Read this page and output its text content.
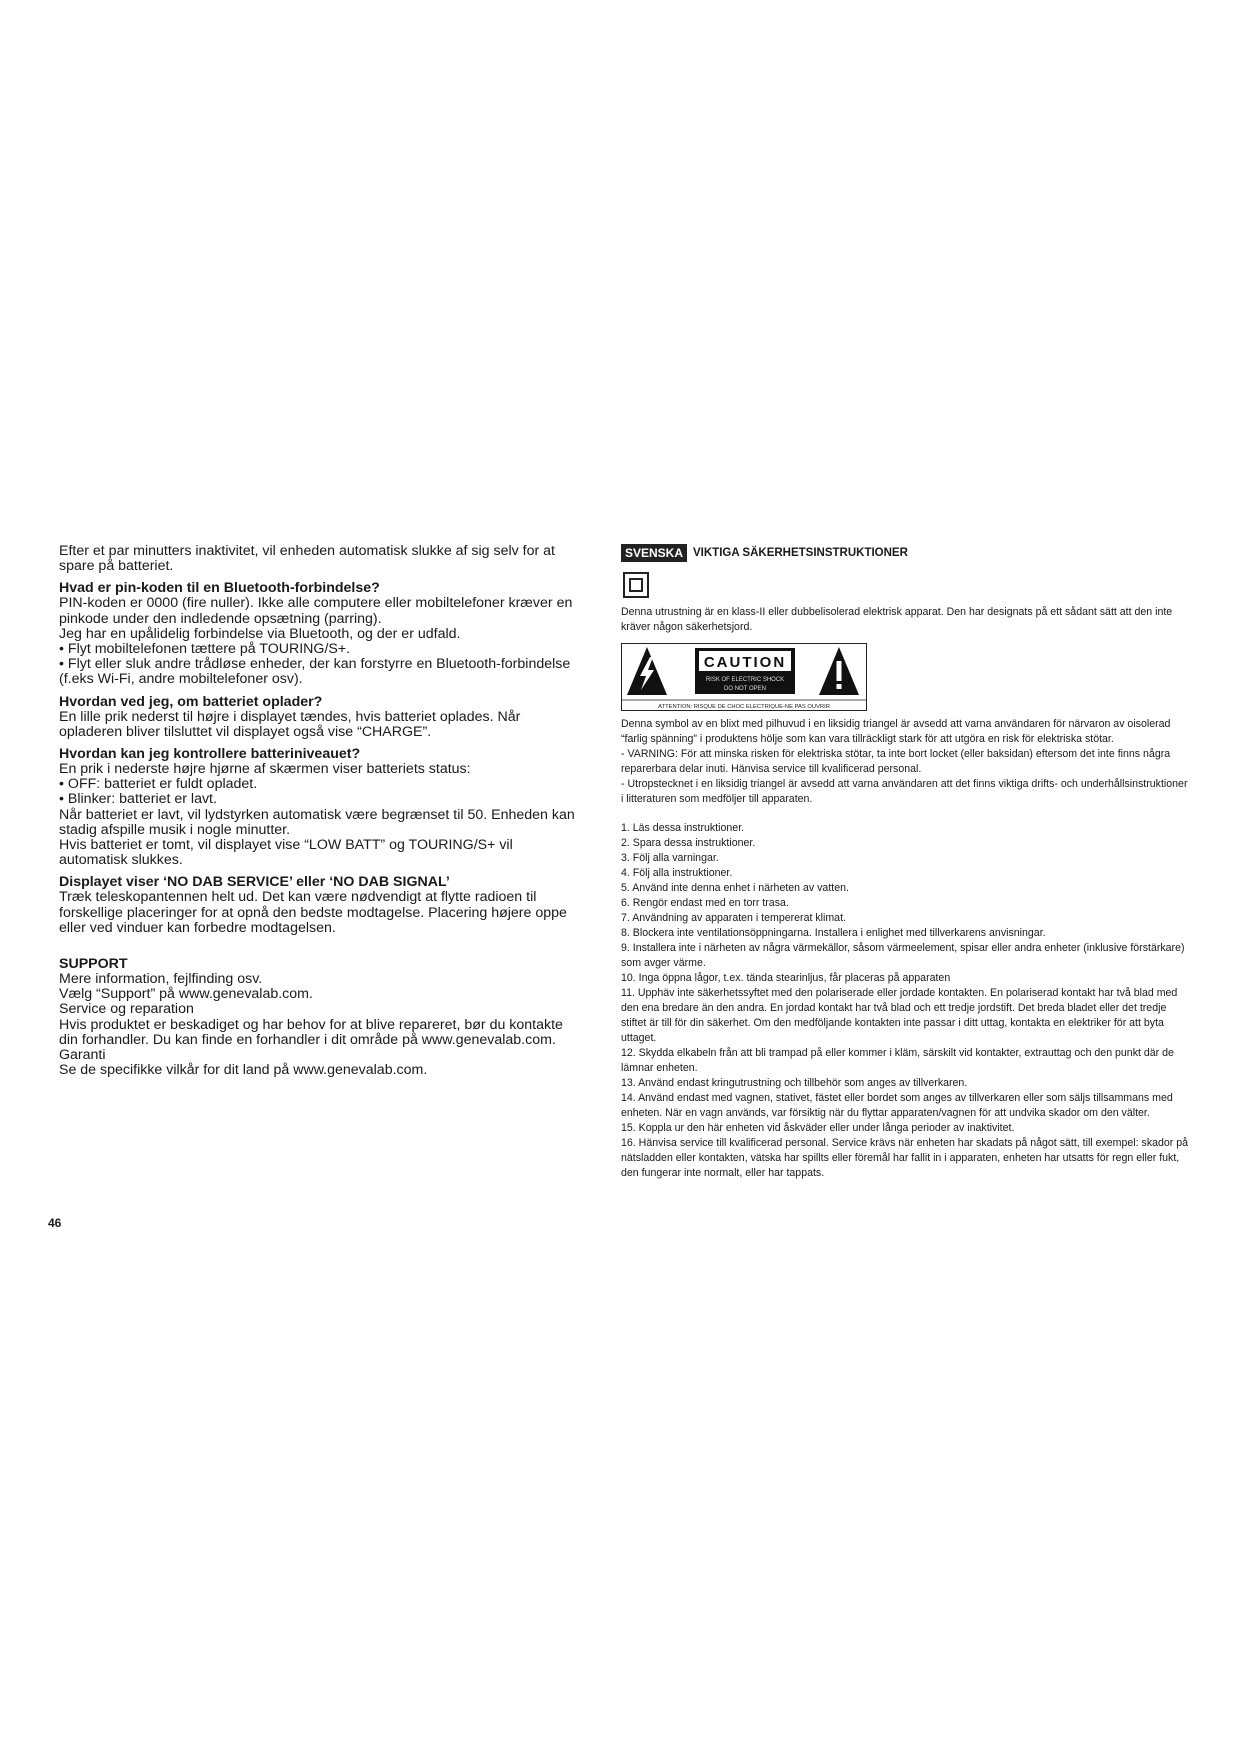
Efter et par minutters inaktivitet, vil enheden automatisk slukke af sig selv for at spare på batteriet.

Hvad er pin-koden til en Bluetooth-forbindelse?

PIN-koden er 0000 (fire nuller). Ikke alle computere eller mobiltelefoner kræver en pinkode under den indledende opsætning (parring).

Jeg har en upålidelig forbindelse via Bluetooth, og der er udfald.

• Flyt mobiltelefonen tættere på TOURING/S+.

• Flyt eller sluk andre trådløse enheder, der kan forstyrre en Bluetooth-forbindelse (f.eks Wi-Fi, andre mobiltelefoner osv).

Hvordan ved jeg, om batteriet oplader?

En lille prik nederst til højre i displayet tændes, hvis batteriet oplades. Når opladeren bliver tilsluttet vil displayet også vise “CHARGE”.

Hvordan kan jeg kontrollere batteriniveauet?

En prik i nederste højre hjørne af skærmen viser batteriets status:

• OFF: batteriet er fuldt opladet.

• Blinker: batteriet er lavt.

Når batteriet er lavt, vil lydstyrken automatisk være begrænset til 50. Enheden kan stadig afspille musik i nogle minutter.

Hvis batteriet er tomt, vil displayet vise “LOW BATT” og TOURING/S+ vil automatisk slukkes.

Displayet viser ‘NO DAB SERVICE’ eller ‘NO DAB SIGNAL’

Træk teleskopantennen helt ud. Det kan være nødvendigt at flytte radioen til forskellige placeringer for at opnå den bedste modtagelse. Placering højere oppe eller ved vinduer kan forbedre modtagelsen.

SUPPORT

Mere information, fejlfinding osv.

Vælg “Support” på www.genevalab.com.

Service og reparation

Hvis produktet er beskadiget og har behov for at blive repareret, bør du kontakte din forhandler. Du kan finde en forhandler i dit område på www.genevalab.com.

Garanti

Se de specifikke vilkår for dit land på www.genevalab.com.

46
SVENSKA VIKTIGA SÄKERHETSINSTRUKTIONER

Denna utrustning är en klass-II eller dubbelisolerad elektrisk apparat. Den har designats på ett sådant sätt att den inte kräver någon säkerhetsjord.

CAUTION
RISK OF ELECTRIC SHOCK
DO NOT OPEN
ATTENTION: RISQUE DE CHOC ELECTRIQUE-NE PAS OUVRIR

Denna symbol av en blixt med pilhuvud i en liksidig triangel är avsedd att varna användaren för närvaron av oisolerad “farlig spänning” i produktens hölje som kan vara tillräckligt stark för att utgöra en risk för elektriska stötar.

- VARNING: För att minska risken för elektriska stötar, ta inte bort locket (eller baksidan) eftersom det inte finns några reparerbara delar inuti. Hänvisa service till kvalificerad personal.

- Utropstecknet i en liksidig triangel är avsedd att varna användaren att det finns viktiga drifts- och underhållsinstruktioner i litteraturen som medföljer till apparaten.

1. Läs dessa instruktioner.

2. Spara dessa instruktioner.

3. Följ alla varningar.

4. Följ alla instruktioner.

5. Använd inte denna enhet i närheten av vatten.

6. Rengör endast med en torr trasa.

7. Användning av apparaten i tempererat klimat.

8. Blockera inte ventilationsöppningarna. Installera i enlighet med tillverkarens anvisningar.

9. Installera inte i närheten av några värmekällor, såsom värmeelement, spisar eller andra enheter (inklusive förstärkare) som avger värme.

10. Inga öppna lågor, t.ex. tända stearinljus, får placeras på apparaten

11. Upphäv inte säkerhetssyftet med den polariserade eller jordade kontakten. En polariserad kontakt har två blad med den ena bredare än den andra. En jordad kontakt har två blad och ett tredje jordstift. Det breda bladet eller det tredje stiftet är till för din säkerhet. Om den medföljande kontakten inte passar i ditt uttag, kontakta en elektriker för att byta uttaget.

12. Skydda elkabeln från att bli trampad på eller kommer i kläm, särskilt vid kontakter, extrauttag och den punkt där de lämnar enheten.

13. Använd endast kringutrustning och tillbehör som anges av tillverkaren.

14. Använd endast med vagnen, stativet, fästet eller bordet som anges av tillverkaren eller som säljs tillsammans med enheten. När en vagn används, var försiktig när du flyttar apparaten/vagnen för att undvika skador om den välter.

15. Koppla ur den här enheten vid åskväder eller under långa perioder av inaktivitet.

16. Hänvisa service till kvalificerad personal. Service krävs när enheten har skadats på något sätt, till exempel: skador på nätsladden eller kontakten, vätska har spillts eller föremål har fallit in i apparaten, enheten har utsatts för regn eller fukt, den fungerar inte normalt, eller har tappats.
